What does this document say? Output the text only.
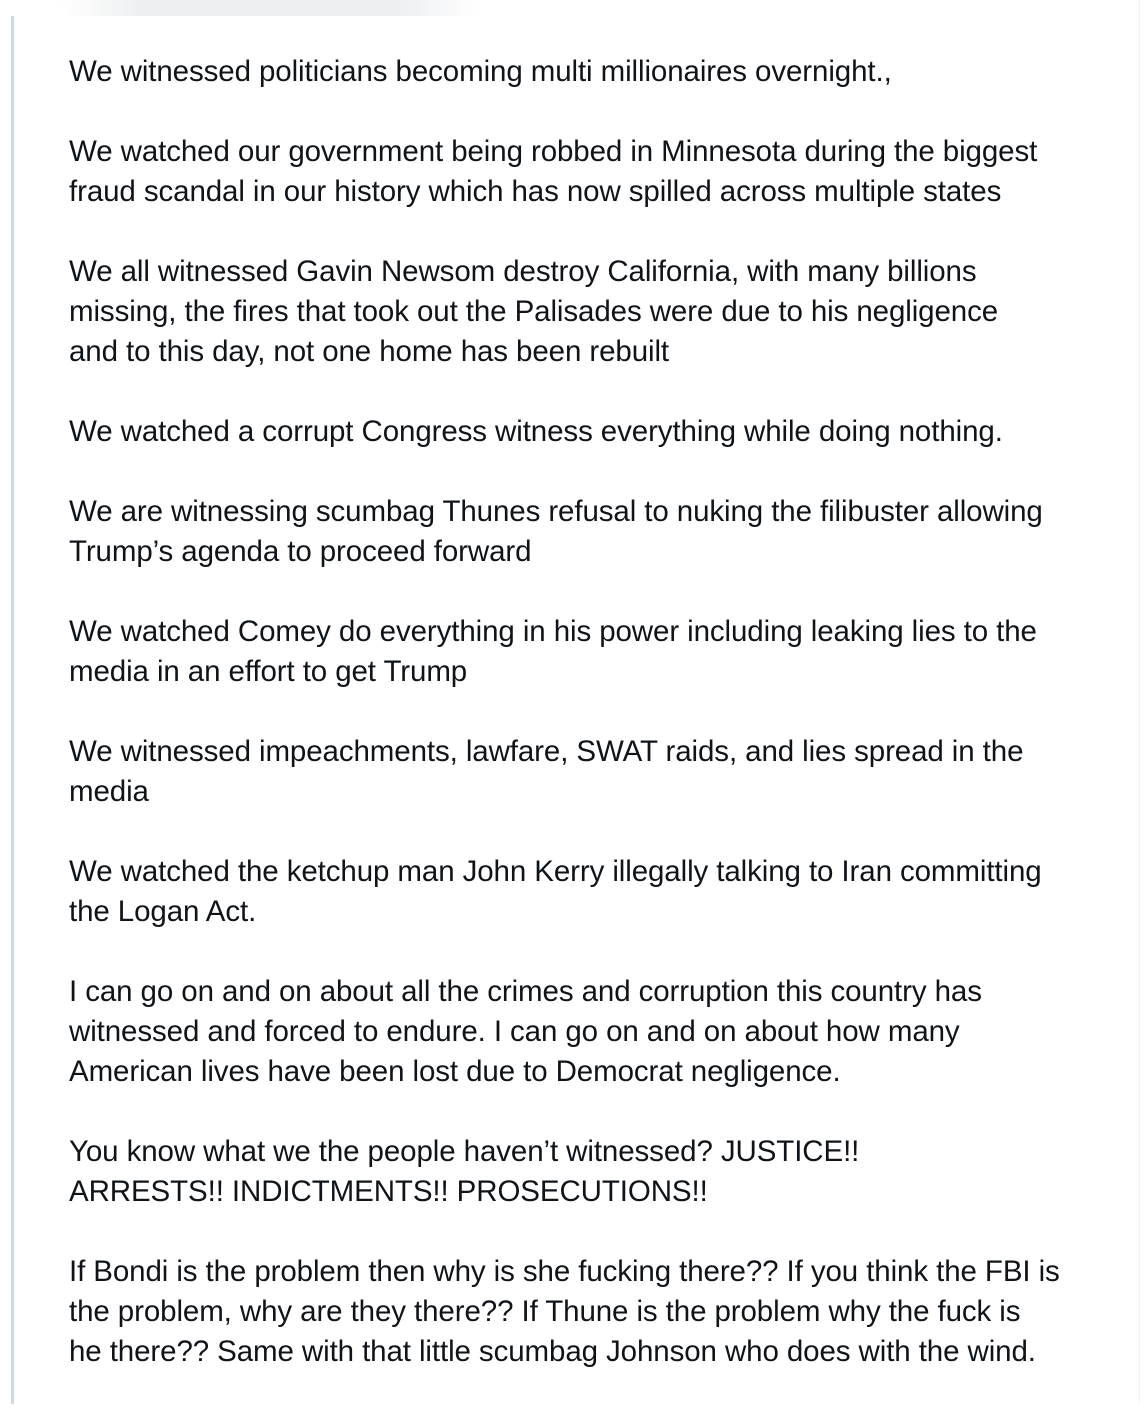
We witnessed politicians becoming multi millionaires overnight.,

We watched our government being robbed in Minnesota during the biggest
fraud scandal in our history which has now spilled across multiple states

We all witnessed Gavin Newsom destroy California, with many billions
missing, the fires that took out the Palisades were due to his negligence
and to this day, not one home has been rebuilt

We watched a corrupt Congress witness everything while doing nothing.

We are witnessing scumbag Thunes refusal to nuking the filibuster allowing
Trump’s agenda to proceed forward

We watched Comey do everything in his power including leaking lies to the
media in an effort to get Trump

We witnessed impeachments, lawfare, SWAT raids, and lies spread in the
media

We watched the ketchup man John Kerry illegally talking to Iran committing
the Logan Act.

I can go on and on about all the crimes and corruption this country has
witnessed and forced to endure. I can go on and on about how many
American lives have been lost due to Democrat negligence.

You know what we the people haven’t witnessed? JUSTICE!!
ARRESTS!! INDICTMENTS!! PROSECUTIONS!!

If Bondi is the problem then why is she fucking there?? If you think the FBI is
the problem, why are they there?? If Thune is the problem why the fuck is
he there?? Same with that little scumbag Johnson who does with the wind.
